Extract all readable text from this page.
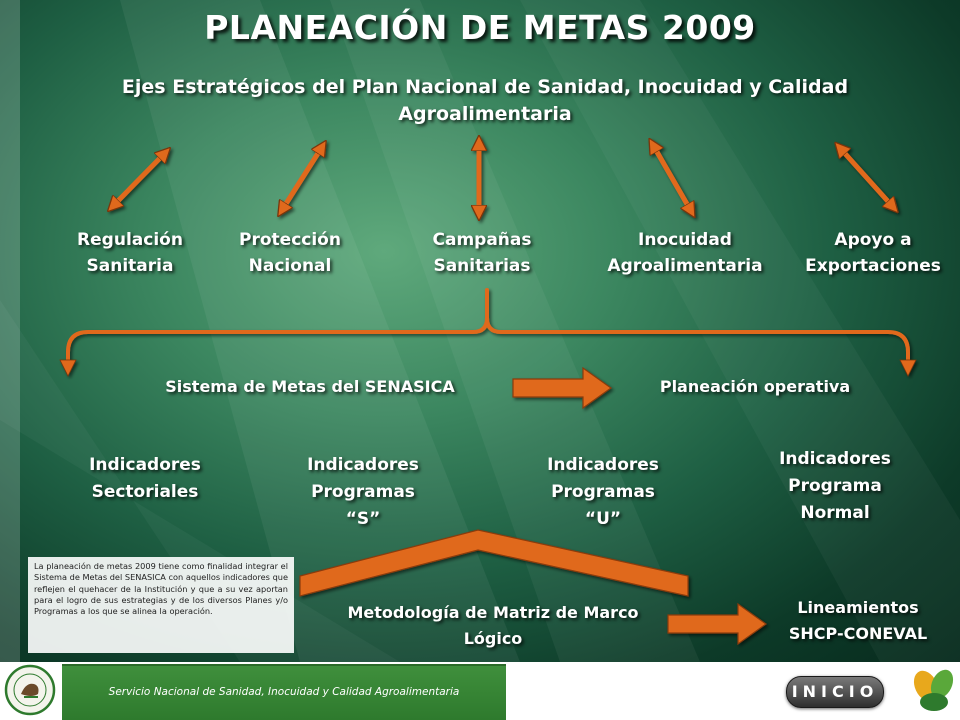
PLANEACIÓN DE METAS 2009
Ejes Estratégicos del Plan Nacional de Sanidad, Inocuidad y Calidad Agroalimentaria
Regulación
Sanitaria
Protección
Nacional
Campañas
Sanitarias
Inocuidad
Agroalimentaria
Apoyo a
Exportaciones
Sistema de Metas del SENASICA	Planeación operativa
Indicadores
Sectoriales
Indicadores
Programas
“S”
Indicadores
Programas
“U”
Indicadores
Programa
Normal
Metodología de Matriz de Marco Lógico
Lineamientos
SHCP-CONEVAL
La planeación de metas 2009 tiene como finalidad integrar el Sistema de Metas del SENASICA con aquellos indicadores que reflejen el quehacer de la Institución y que a su vez aportan para el logro de sus estrategias y de los diversos Planes y/o Programas a los que se alinea la operación.
Servicio Nacional de Sanidad, Inocuidad y Calidad Agroalimentaria	INICIO
